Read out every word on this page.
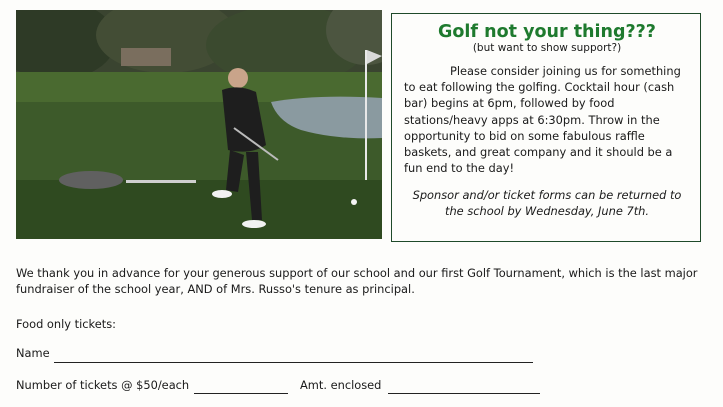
Golf not your thing???
(but want to show support?)

Please consider joining us for something to eat following the golfing. Cocktail hour (cash bar) begins at 6pm, followed by food stations/heavy apps at 6:30pm. Throw in the opportunity to bid on some fabulous raffle baskets, and great company and it should be a fun end to the day!

Sponsor and/or ticket forms can be returned to the school by Wednesday, June 7th.

We thank you in advance for your generous support of our school and our first Golf Tournament, which is the last major fundraiser of the school year, AND of Mrs. Russo's tenure as principal.

Food only tickets:
Name
Number of tickets @ $50/each	Amt. enclosed
